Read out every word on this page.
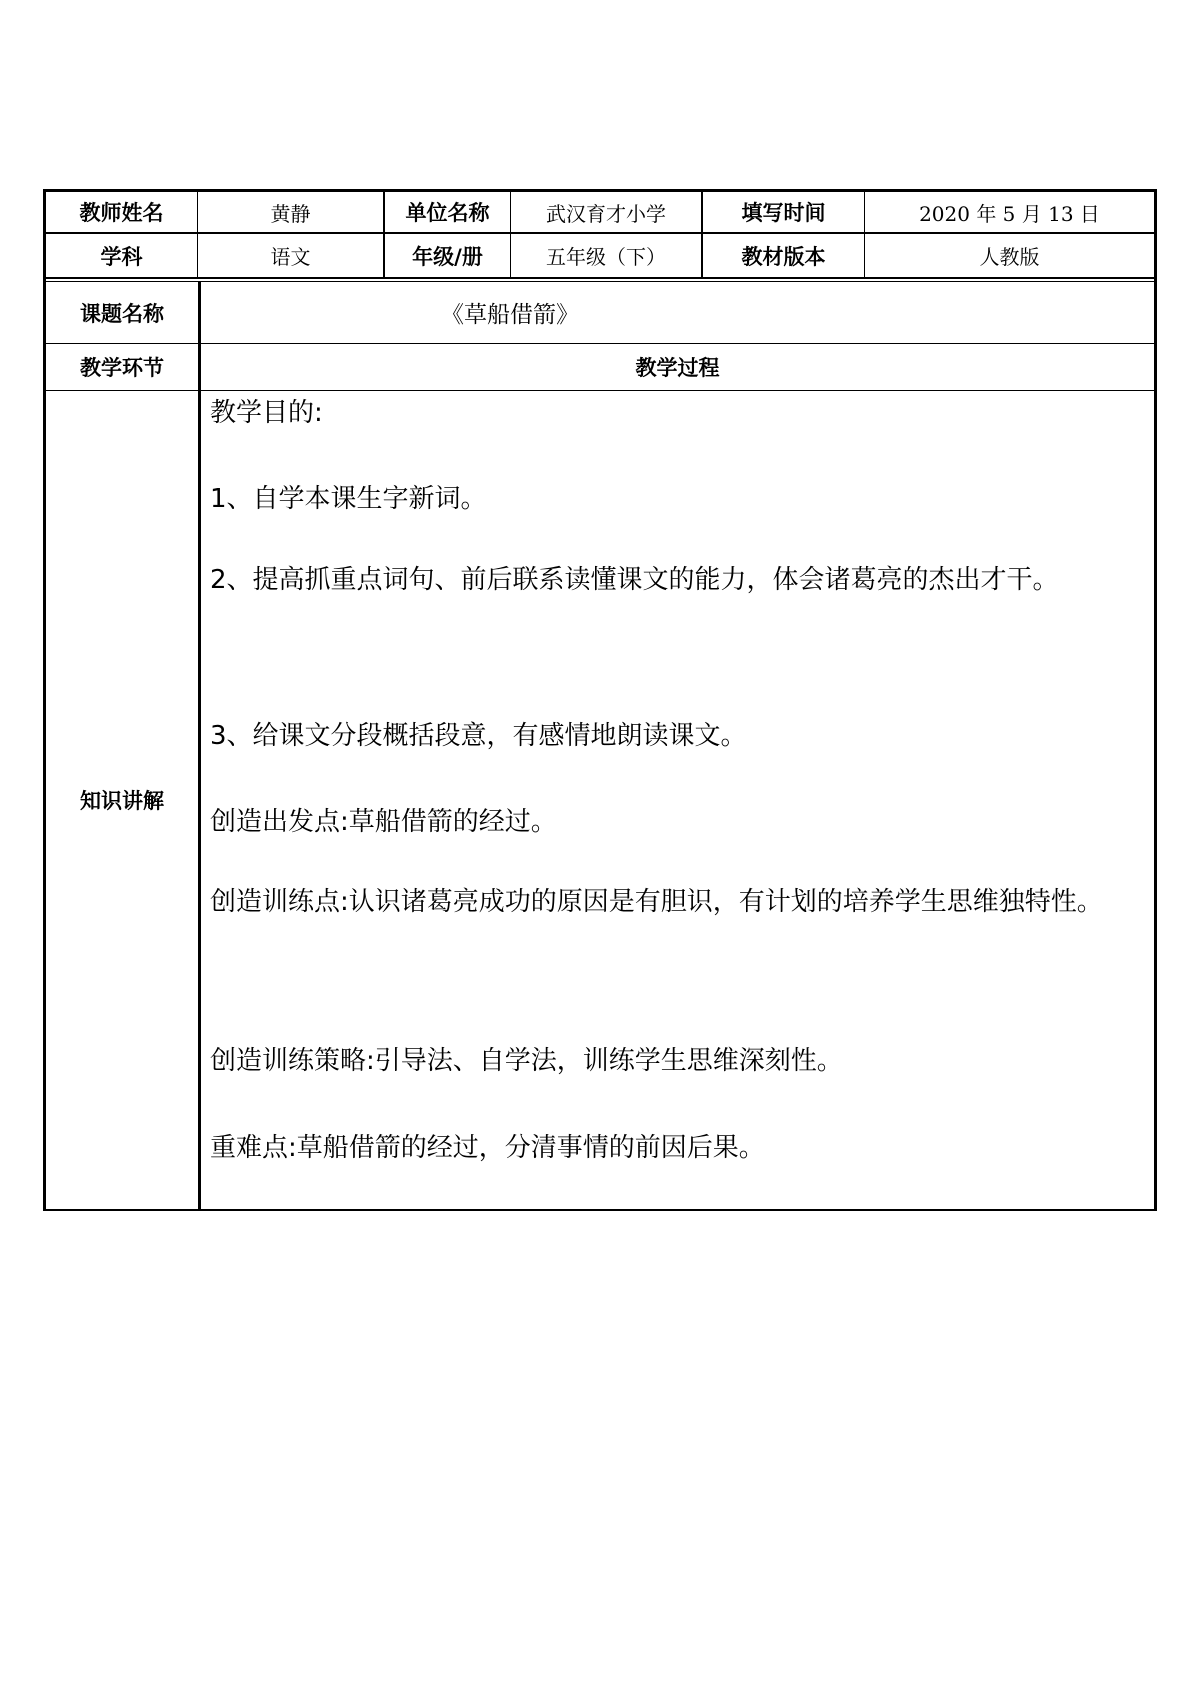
教师姓名	黄静	单位名称	武汉育才小学	填写时间	2020 年 5 月 13 日
学科	语文	年级/册	五年级（下）	教材版本	人教版
课题名称	《草船借箭》
教学环节	教学过程
知识讲解

教学目的:

1、自学本课生字新词。

2、提高抓重点词句、前后联系读懂课文的能力，体会诸葛亮的杰出才干。

3、给课文分段概括段意，有感情地朗读课文。

创造出发点:草船借箭的经过。

创造训练点:认识诸葛亮成功的原因是有胆识，有计划的培养学生思维独特性。

创造训练策略:引导法、自学法，训练学生思维深刻性。

重难点:草船借箭的经过，分清事情的前因后果。
